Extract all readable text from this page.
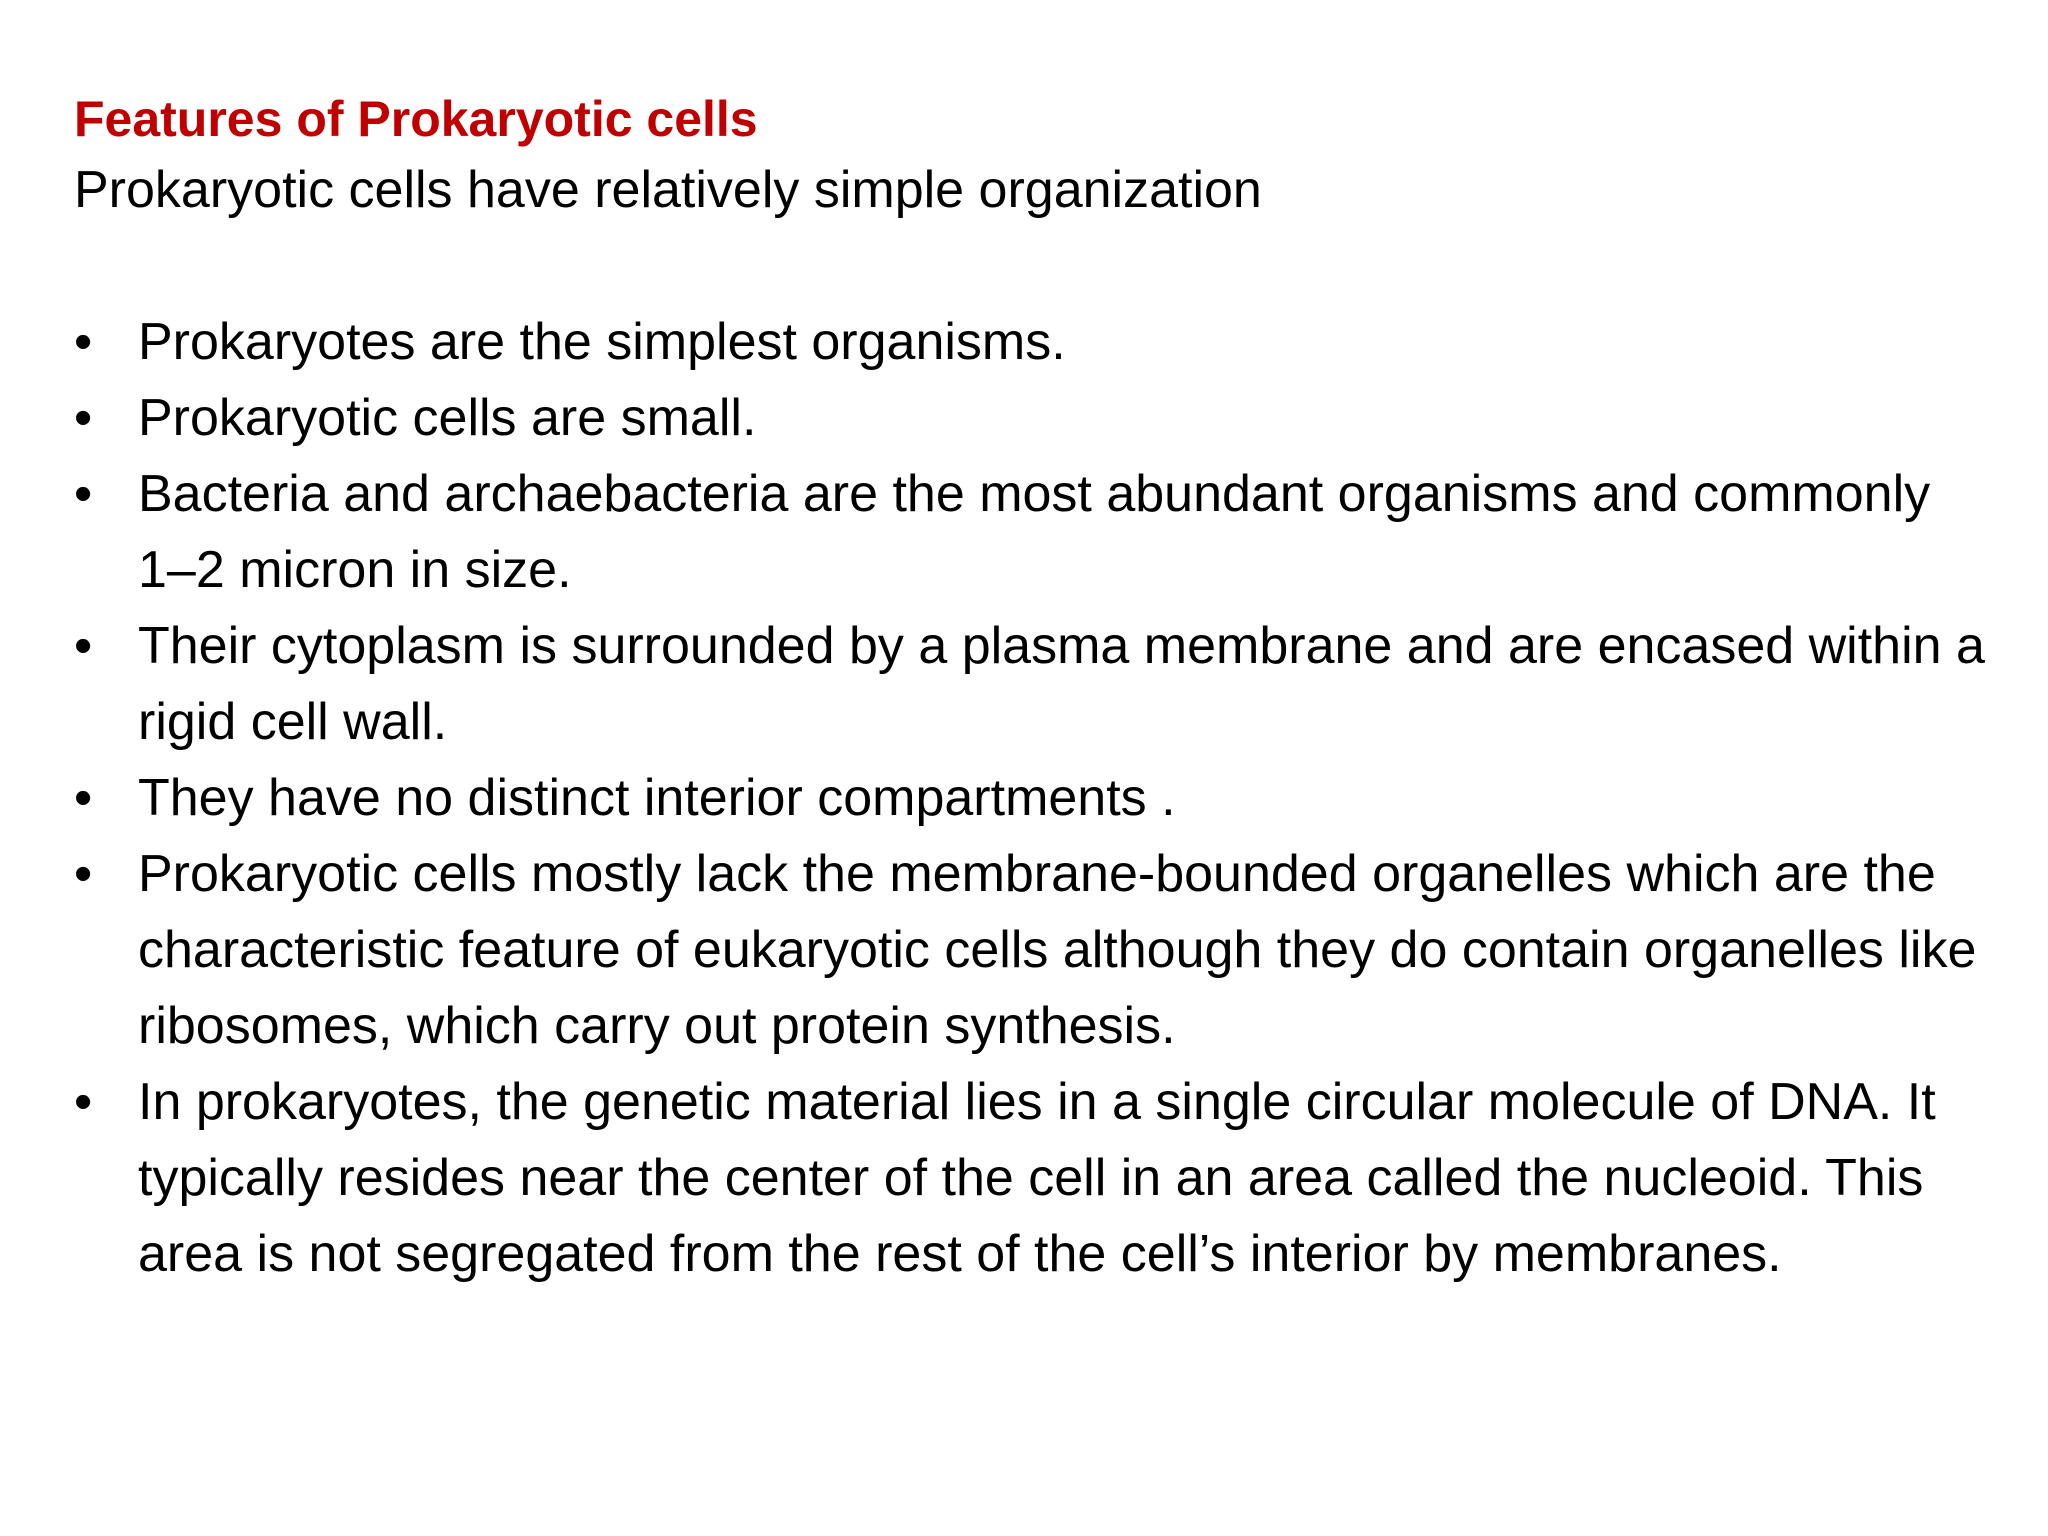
Features of Prokaryotic cells

Prokaryotic cells have relatively simple organization

• Prokaryotes are the simplest organisms.
• Prokaryotic cells are small.
• Bacteria and archaebacteria are the most abundant organisms and commonly 1–2 micron in size.
• Their cytoplasm is surrounded by a plasma membrane and are encased within a rigid cell wall.
• They have no distinct interior compartments .
• Prokaryotic cells mostly lack the membrane-bounded organelles which are the characteristic feature of eukaryotic cells although they do contain organelles like ribosomes, which carry out protein synthesis.
• In prokaryotes, the genetic material lies in a single circular molecule of DNA. It typically resides near the center of the cell in an area called the nucleoid. This area is not segregated from the rest of the cell’s interior by membranes.
